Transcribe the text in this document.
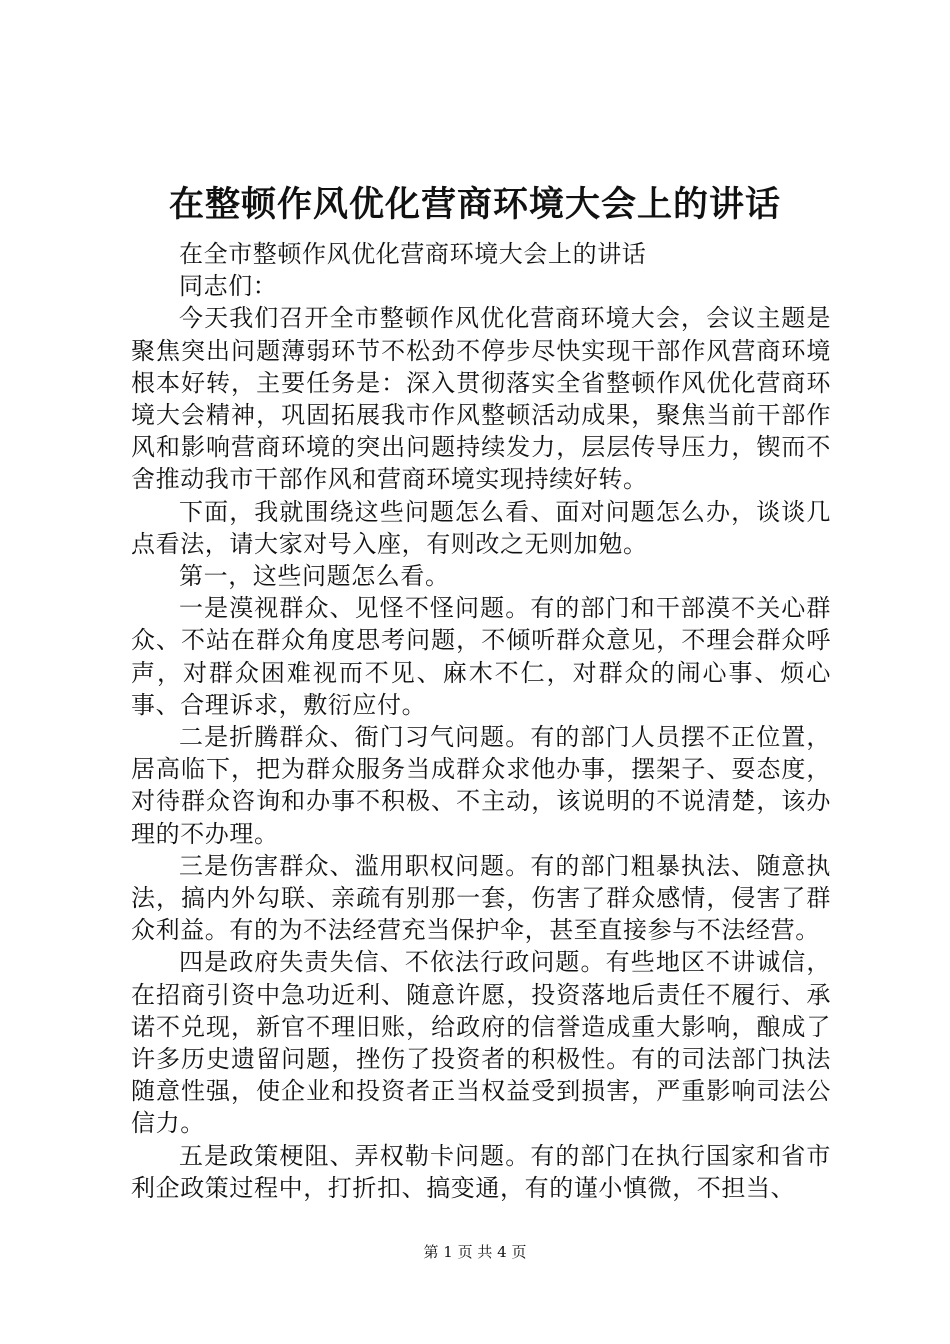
在整顿作风优化营商环境大会上的讲话

在全市整顿作风优化营商环境大会上的讲话

同志们：

今天我们召开全市整顿作风优化营商环境大会，会议主题是聚焦突出问题薄弱环节不松劲不停步尽快实现干部作风营商环境根本好转，主要任务是：深入贯彻落实全省整顿作风优化营商环境大会精神，巩固拓展我市作风整顿活动成果，聚焦当前干部作风和影响营商环境的突出问题持续发力，层层传导压力，锲而不舍推动我市干部作风和营商环境实现持续好转。

下面，我就围绕这些问题怎么看、面对问题怎么办，谈谈几点看法，请大家对号入座，有则改之无则加勉。

第一，这些问题怎么看。

一是漠视群众、见怪不怪问题。有的部门和干部漠不关心群众、不站在群众角度思考问题，不倾听群众意见，不理会群众呼声，对群众困难视而不见、麻木不仁，对群众的闹心事、烦心事、合理诉求，敷衍应付。

二是折腾群众、衙门习气问题。有的部门人员摆不正位置，居高临下，把为群众服务当成群众求他办事，摆架子、耍态度，对待群众咨询和办事不积极、不主动，该说明的不说清楚，该办理的不办理。

三是伤害群众、滥用职权问题。有的部门粗暴执法、随意执法，搞内外勾联、亲疏有别那一套，伤害了群众感情，侵害了群众利益。有的为不法经营充当保护伞，甚至直接参与不法经营。

四是政府失责失信、不依法行政问题。有些地区不讲诚信，在招商引资中急功近利、随意许愿，投资落地后责任不履行、承诺不兑现，新官不理旧账，给政府的信誉造成重大影响，酿成了许多历史遗留问题，挫伤了投资者的积极性。有的司法部门执法随意性强，使企业和投资者正当权益受到损害，严重影响司法公信力。

五是政策梗阻、弄权勒卡问题。有的部门在执行国家和省市利企政策过程中，打折扣、搞变通，有的谨小慎微，不担当、

第 1 页 共 4 页
